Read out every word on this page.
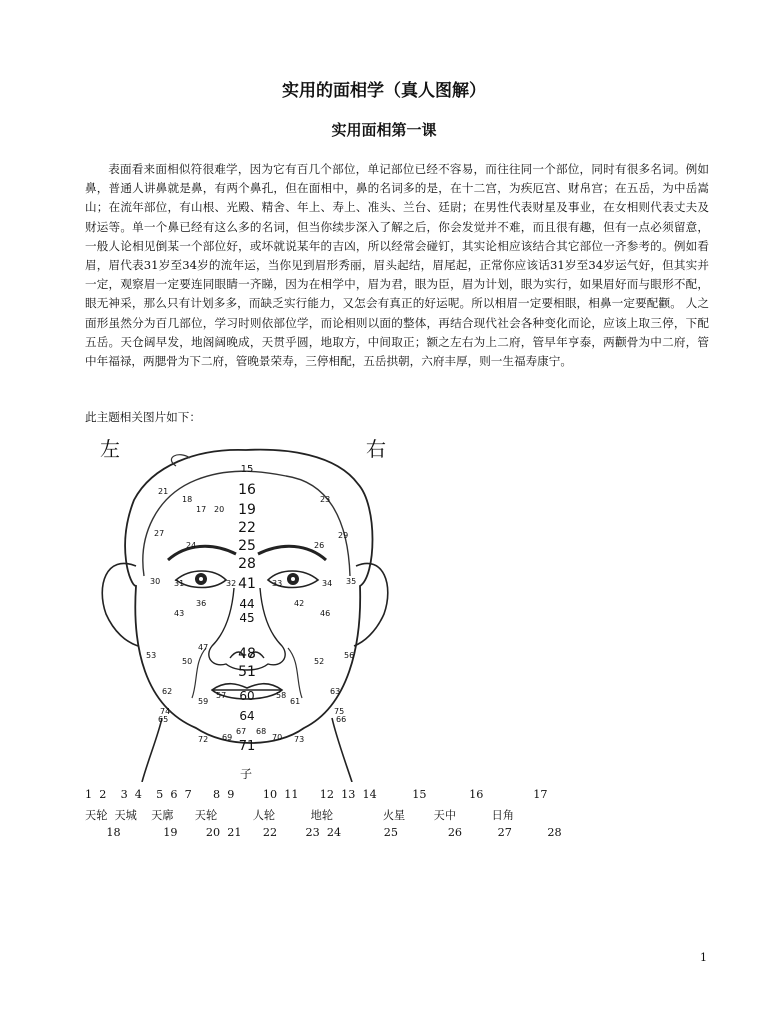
实用的面相学（真人图解）
实用面相第一课

表面看来面相似符很难学，因为它有百几个部位，单记部位已经不容易，而往往同一个部位，同时有很多名词。例如鼻，普通人讲鼻就是鼻，有两个鼻孔，但在面相中，鼻的名词多的是，在十二宫，为疾厄宫、财帛宫；在五岳，为中岳嵩山；在流年部位，有山根、光殿、精舍、年上、寿上、准头、兰台、廷尉；在男性代表财星及事业，在女相则代表丈夫及财运等。单一个鼻已经有这么多的名词，但当你续步深入了解之后，你会发觉并不难，而且很有趣，但有一点必须留意，一般人论相见倒某一个部位好，或坏就说某年的吉凶，所以经常会碰钉，其实论相应该结合其它部位一齐参考的。例如看眉，眉代表31岁至34岁的流年运，当你见到眉形秀丽，眉头起结，眉尾起，正常你应该话31岁至34岁运气好，但其实并一定，观察眉一定要连同眼睛一齐睇，因为在相学中，眉为君，眼为臣，眉为计划，眼为实行，如果眉好而与眼形不配，眼无神采，那么只有计划多多，而缺乏实行能力，又怎会有真正的好运呢。所以相眉一定要相眼，相鼻一定要配颧。 人之面形虽然分为百几部位，学习时则依部位学，而论相则以面的整体，再结合现代社会各种变化而论，应该上取三停，下配五岳。天仓阔早发，地阁阔晚成，天贯乎圆，地取方，中间取正；额之左右为上二府，管早年亨泰，两颧骨为中二府，管中年福禄，两腮骨为下二府，管晚景荣寿，三停相配，五岳拱朝，六府丰厚，则一生福寿康宁。

此主题相关图片如下：
左	右
子
15
16
19
22
25
28
41
44
45
48
51
60
64
71
20
17
18
21
23
24	26
27	29
30 31	32	33	34 35
36	42
43	46
47
50	52
53	56
57	58
59	61
62	63
65	66
67 68
69	70
72	73
74	75
1  2    3  4    5  6  7      8  9        10  11      12  13  14          15            16              17
天轮  天城    天廓      天轮          人轮          地轮              火星        天中          日角
18            19        20  21      22        23  24            25              26          27          28
1
